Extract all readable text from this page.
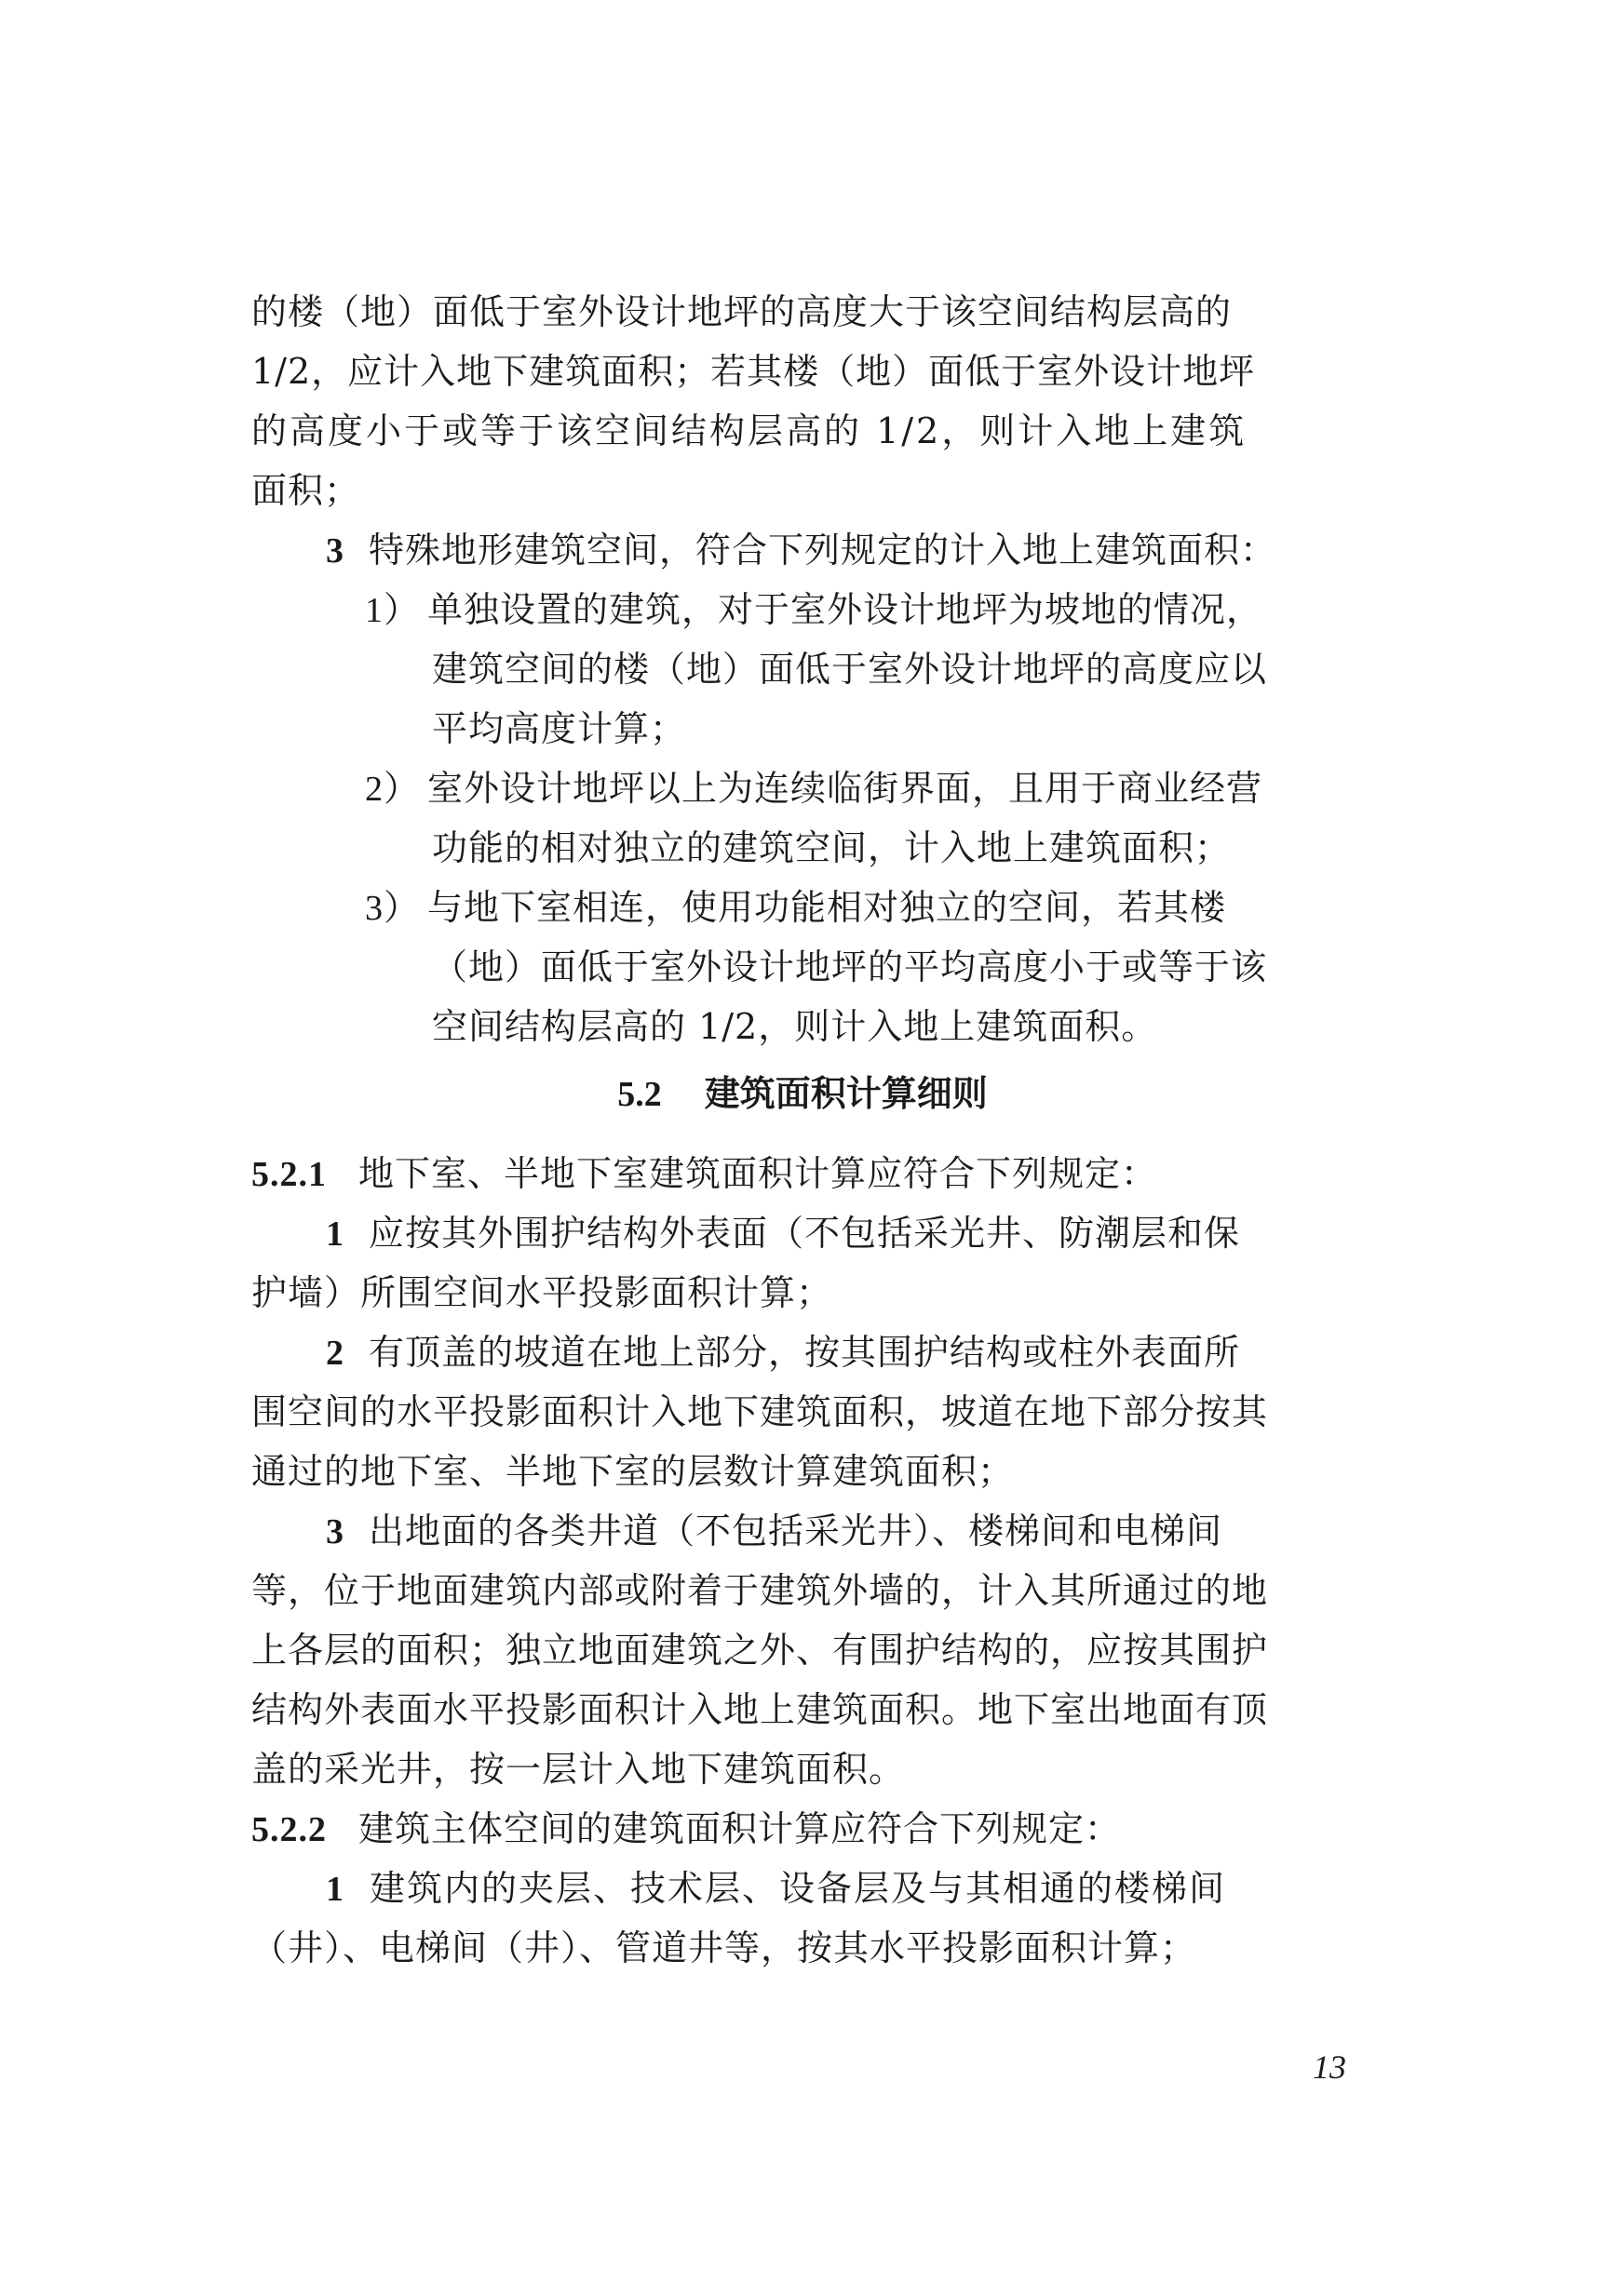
的楼（地）面低于室外设计地坪的高度大于该空间结构层高的
1/2，应计入地下建筑面积；若其楼（地）面低于室外设计地坪
的高度小于或等于该空间结构层高的 1/2，则计入地上建筑
面积；
3 特殊地形建筑空间，符合下列规定的计入地上建筑面积：
1） 单独设置的建筑，对于室外设计地坪为坡地的情况，
建筑空间的楼（地）面低于室外设计地坪的高度应以
平均高度计算；
2） 室外设计地坪以上为连续临街界面，且用于商业经营
功能的相对独立的建筑空间，计入地上建筑面积；
3） 与地下室相连，使用功能相对独立的空间，若其楼
（地）面低于室外设计地坪的平均高度小于或等于该
空间结构层高的 1/2，则计入地上建筑面积。
5.2 建筑面积计算细则
5.2.1 地下室、半地下室建筑面积计算应符合下列规定：
1 应按其外围护结构外表面（不包括采光井、防潮层和保
护墙）所围空间水平投影面积计算；
2 有顶盖的坡道在地上部分，按其围护结构或柱外表面所
围空间的水平投影面积计入地下建筑面积，坡道在地下部分按其
通过的地下室、半地下室的层数计算建筑面积；
3 出地面的各类井道（不包括采光井）、楼梯间和电梯间
等，位于地面建筑内部或附着于建筑外墙的，计入其所通过的地
上各层的面积；独立地面建筑之外、有围护结构的，应按其围护
结构外表面水平投影面积计入地上建筑面积。地下室出地面有顶
盖的采光井，按一层计入地下建筑面积。
5.2.2 建筑主体空间的建筑面积计算应符合下列规定：
1 建筑内的夹层、技术层、设备层及与其相通的楼梯间
（井）、电梯间（井）、管道井等，按其水平投影面积计算；
13
